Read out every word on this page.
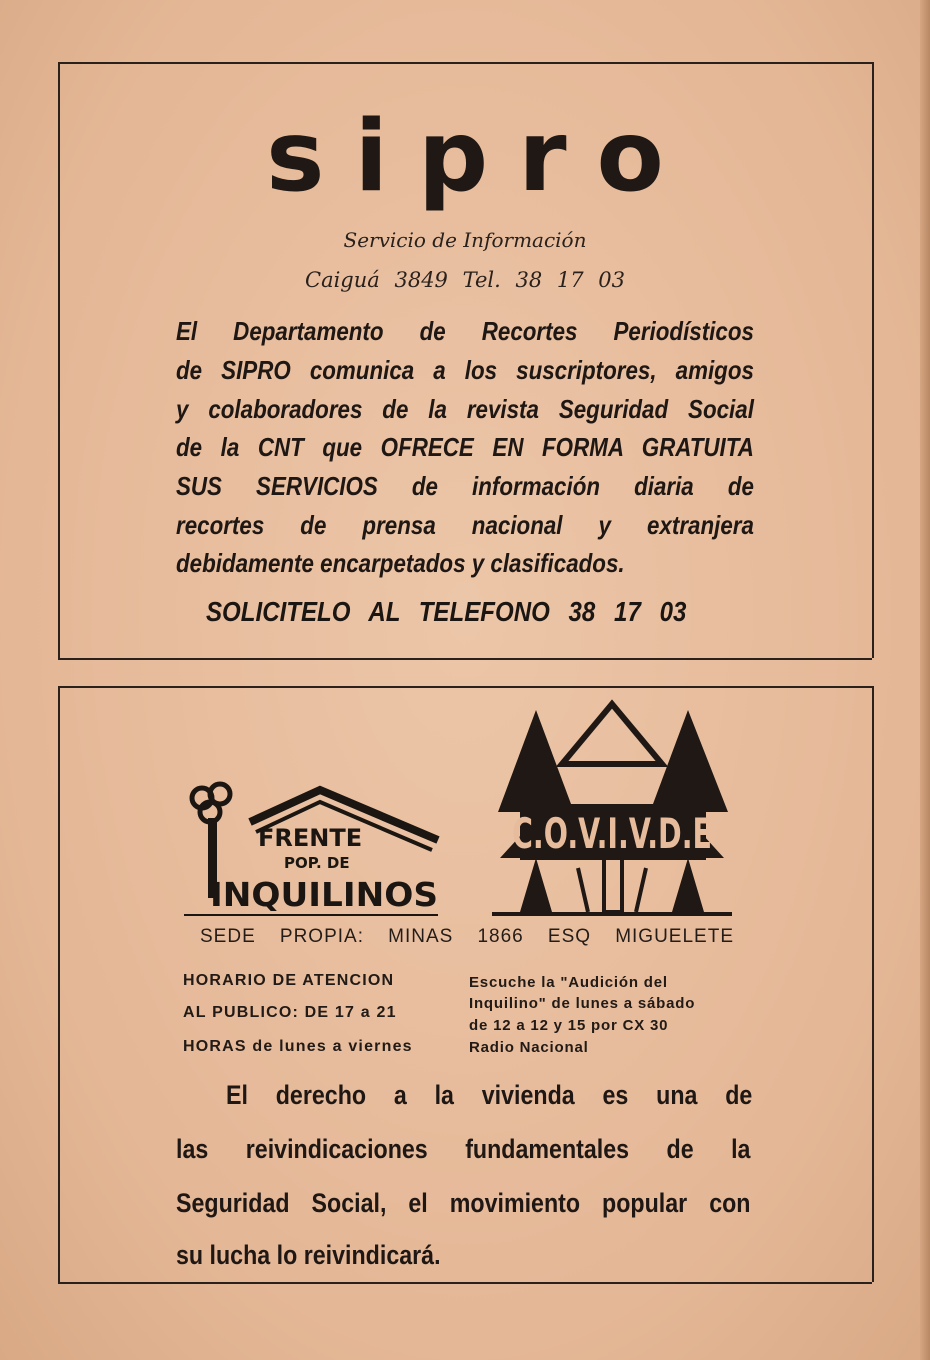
sipro
Servicio de Información
Caiguá 3849 Tel. 38 17 03
El Departamento de Recortes Periodísticos
de SIPRO comunica a los suscriptores, amigos
y colaboradores de la revista Seguridad Social
de la CNT que OFRECE EN FORMA GRATUITA
SUS SERVICIOS de información diaria de
recortes de prensa nacional y extranjera
debidamente encarpetados y clasificados.
SOLICITELO AL TELEFONO 38 17 03
FRENTE
POP. DE
INQUILINOS
C.O.V.I.V.D.E
SEDE PROPIA: MINAS 1866 ESQ MIGUELETE
HORARIO DE ATENCION
AL PUBLICO: DE 17 a 21
HORAS de lunes a viernes
Escuche la "Audición del
Inquilino" de lunes a sábado
de 12 a 12 y 15 por CX 30
Radio Nacional
El derecho a la vivienda es una de
las reivindicaciones fundamentales de la
Seguridad Social, el movimiento popular con
su lucha lo reivindicará.
